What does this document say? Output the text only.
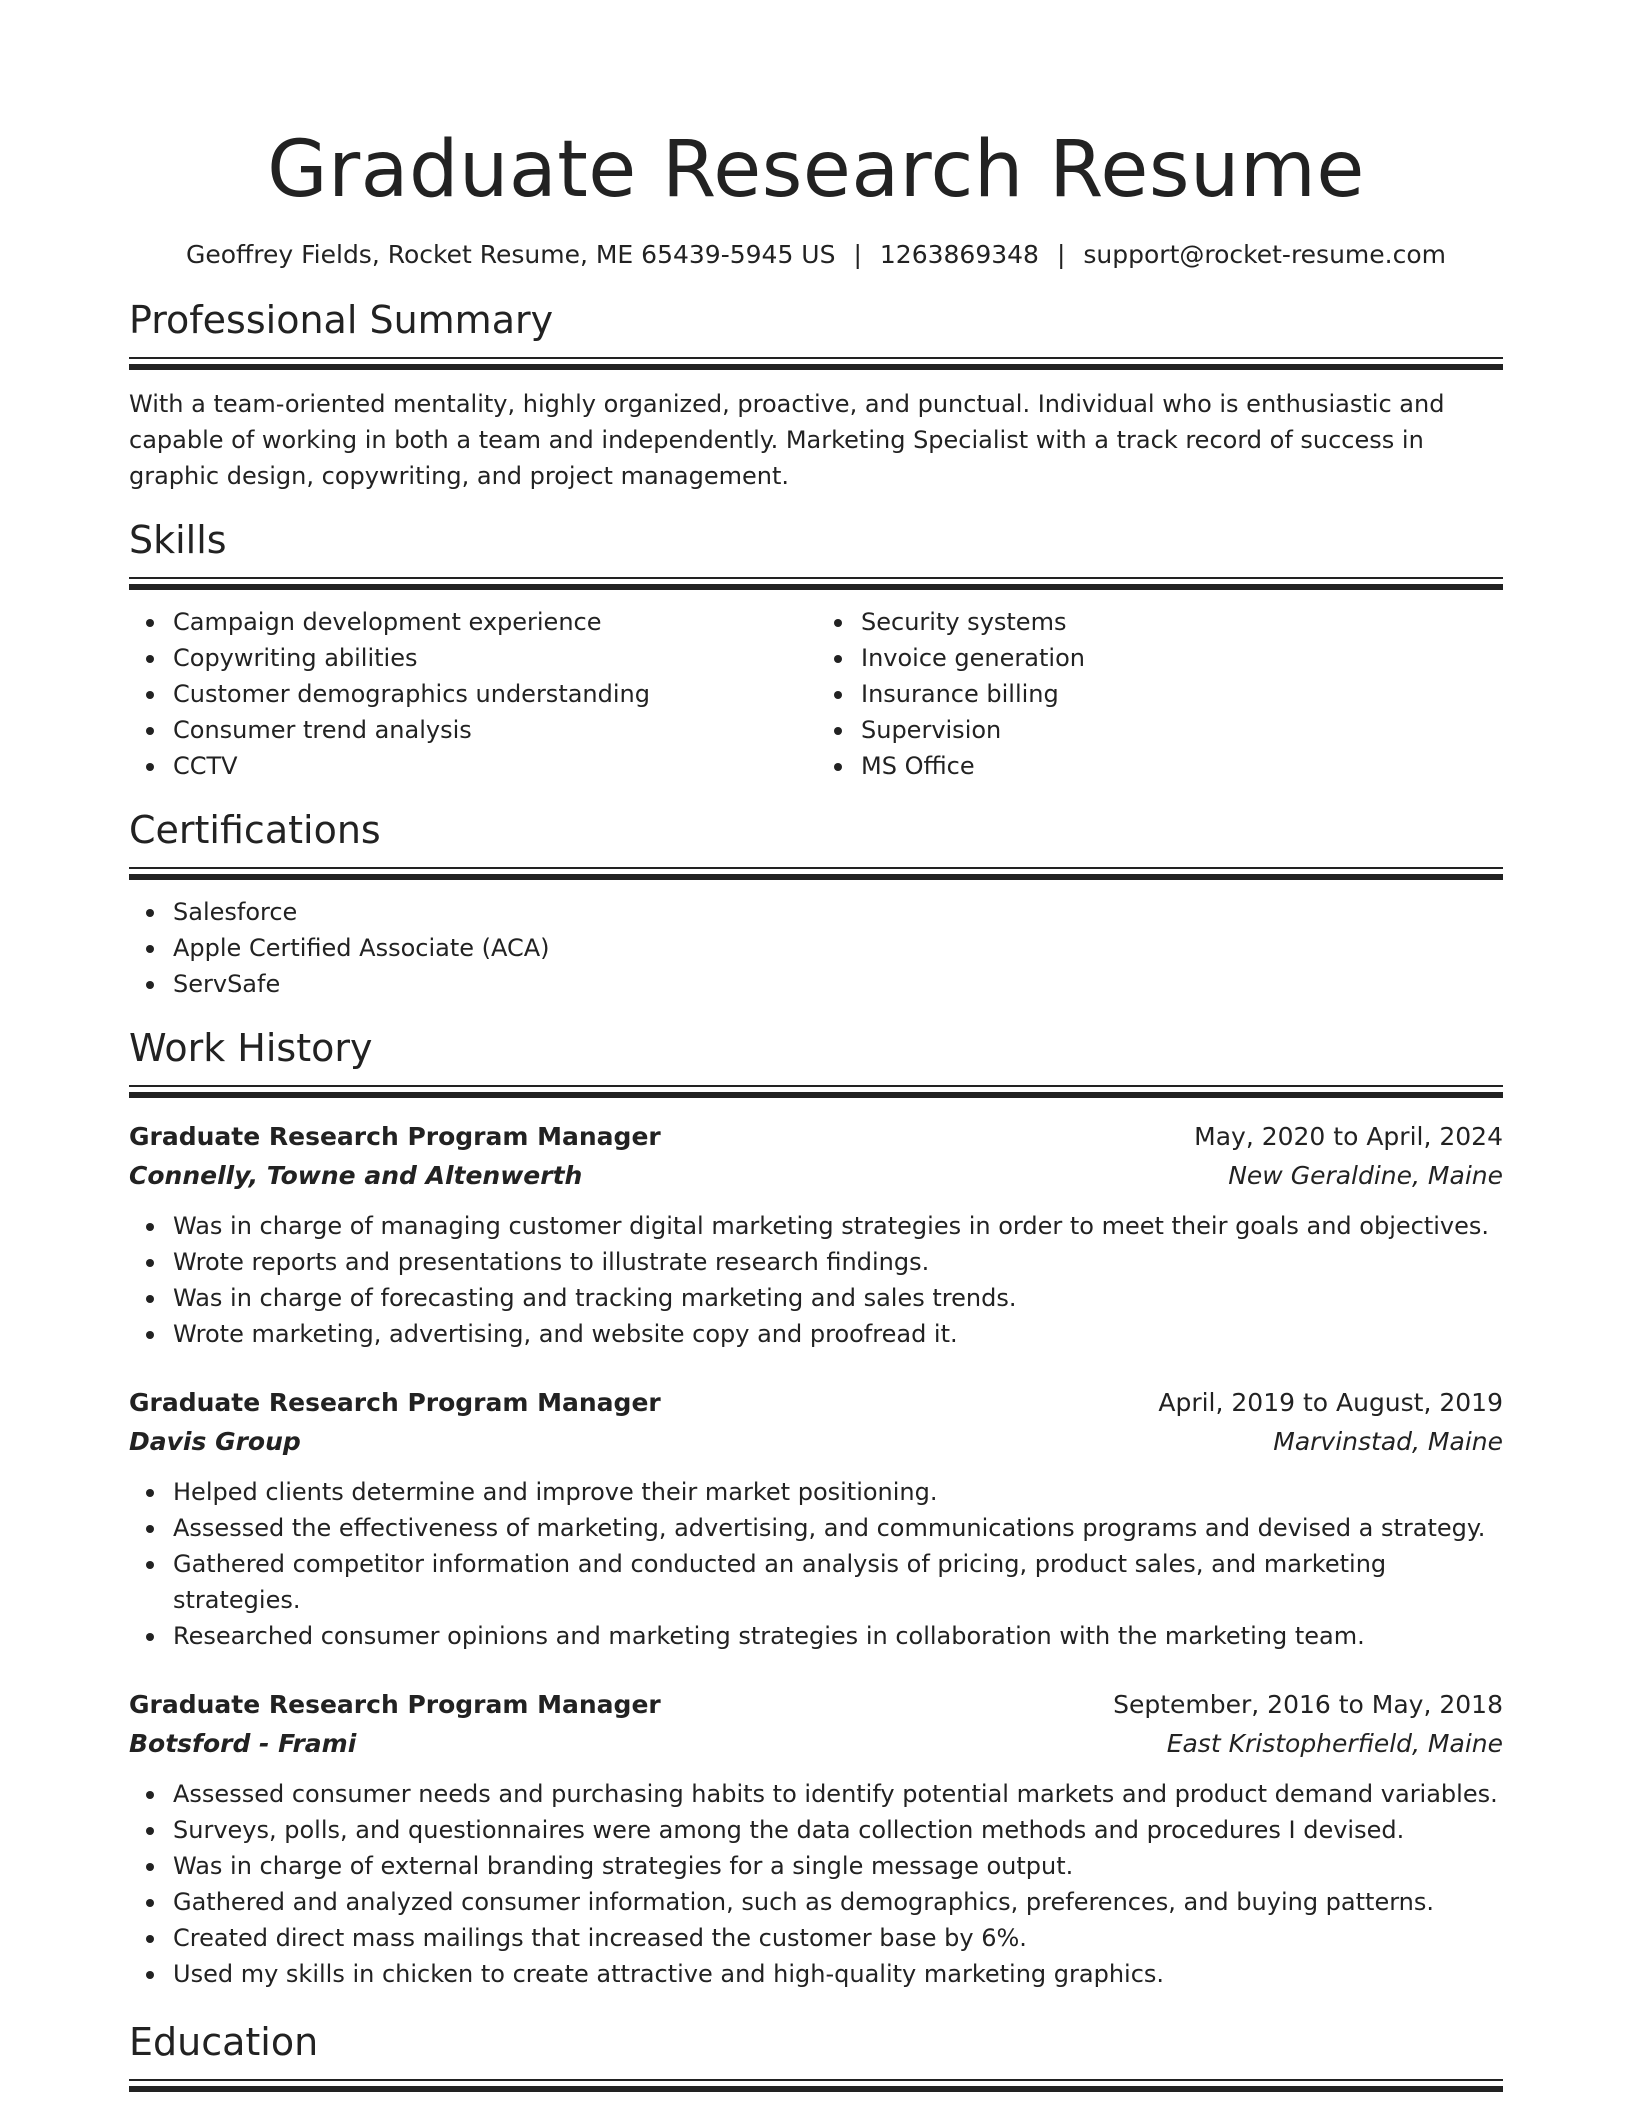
Graduate Research Resume
Geoffrey Fields, Rocket Resume, ME 65439-5945 US | 1263869348 | support@rocket-resume.com
Professional Summary

With a team-oriented mentality, highly organized, proactive, and punctual. Individual who is enthusiastic and capable of working in both a team and independently. Marketing Specialist with a track record of success in graphic design, copywriting, and project management.

Skills
Campaign development experience
Copywriting abilities
Customer demographics understanding
Consumer trend analysis
CCTV
Security systems
Invoice generation
Insurance billing
Supervision
MS Office
Certifications
Salesforce
Apple Certified Associate (ACA)
ServSafe
Work History
Graduate Research Program Manager	May, 2020 to April, 2024
Connelly, Towne and Altenwerth	New Geraldine, Maine
Was in charge of managing customer digital marketing strategies in order to meet their goals and objectives.
Wrote reports and presentations to illustrate research findings.
Was in charge of forecasting and tracking marketing and sales trends.
Wrote marketing, advertising, and website copy and proofread it.
Graduate Research Program Manager	April, 2019 to August, 2019
Davis Group	Marvinstad, Maine
Helped clients determine and improve their market positioning.
Assessed the effectiveness of marketing, advertising, and communications programs and devised a strategy.
Gathered competitor information and conducted an analysis of pricing, product sales, and marketing strategies.
Researched consumer opinions and marketing strategies in collaboration with the marketing team.
Graduate Research Program Manager	September, 2016 to May, 2018
Botsford - Frami	East Kristopherfield, Maine
Assessed consumer needs and purchasing habits to identify potential markets and product demand variables.
Surveys, polls, and questionnaires were among the data collection methods and procedures I devised.
Was in charge of external branding strategies for a single message output.
Gathered and analyzed consumer information, such as demographics, preferences, and buying patterns.
Created direct mass mailings that increased the customer base by 6%.
Used my skills in chicken to create attractive and high-quality marketing graphics.
Education
